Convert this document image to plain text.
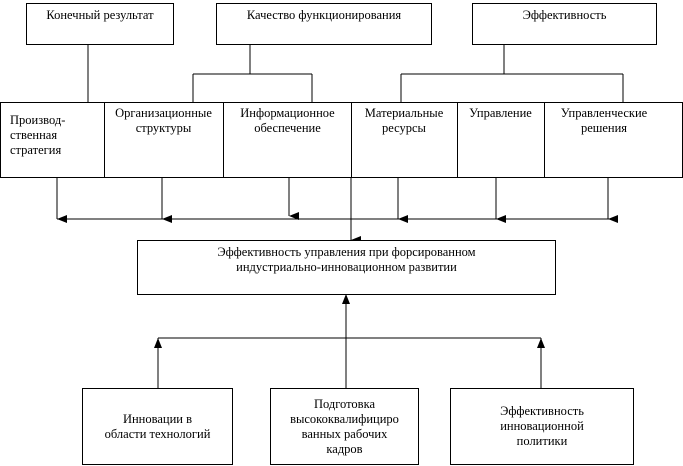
Конечный результат	Качество функционирования	Эффективность
Производ-
ственная
стратегия
Организационные
структуры
Информационное
обеспечение
Материальные
ресурсы
Управление	Управленческие
решения
Эффективность управления при форсированном
индустриально-инновационном развитии
Инновации в
области технологий
Подготовка
высококвалифициро
ванных рабочих
кадров
Эффективность
инновационной
политики
